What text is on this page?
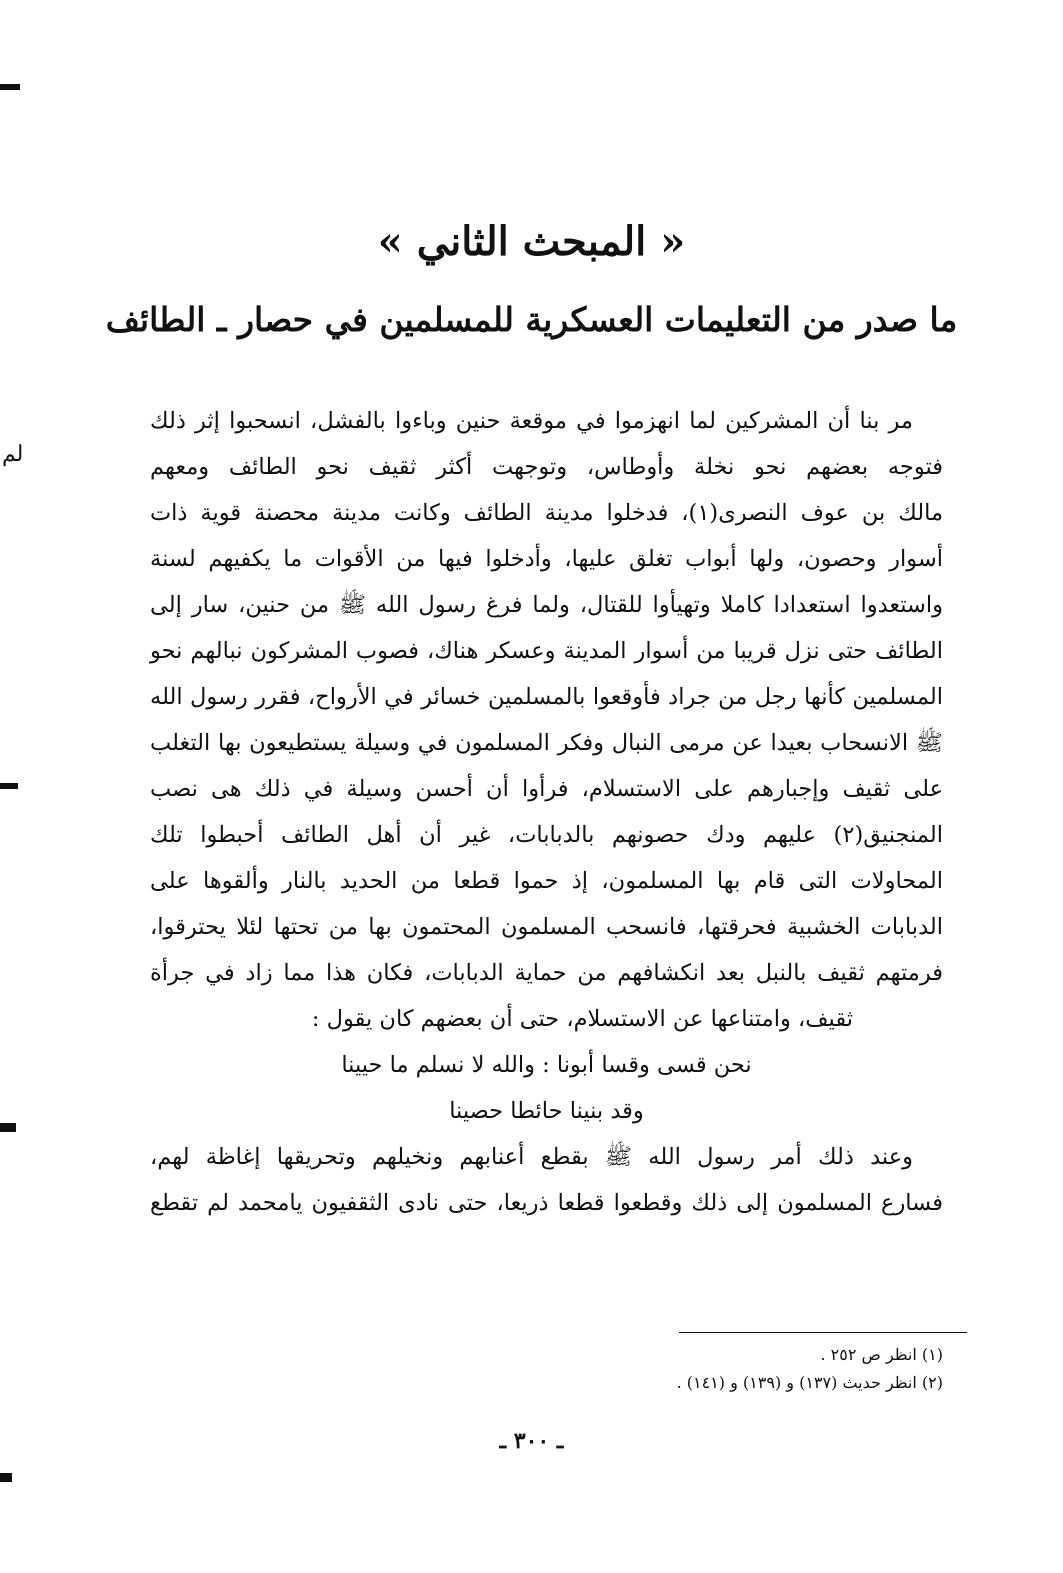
لم
« المبحث الثاني »
ما صدر من التعليمات العسكرية للمسلمين في حصار ـ الطائف
مر بنا أن المشركين لما انهزموا في موقعة حنين وباءوا بالفشل، انسحبوا إثر ذلك
فتوجه بعضهم نحو نخلة وأوطاس، وتوجهت أكثر ثقيف نحو الطائف ومعهم
مالك بن عوف النصرى(١)، فدخلوا مدينة الطائف وكانت مدينة محصنة قوية ذات
أسوار وحصون، ولها أبواب تغلق عليها، وأدخلوا فيها من الأقوات ما يكفيهم لسنة
واستعدوا استعدادا كاملا وتهيأوا للقتال، ولما فرغ رسول الله ﷺ من حنين، سار إلى
الطائف حتى نزل قريبا من أسوار المدينة وعسكر هناك، فصوب المشركون نبالهم نحو
المسلمين كأنها رجل من جراد فأوقعوا بالمسلمين خسائر في الأرواح، فقرر رسول الله
ﷺ الانسحاب بعيدا عن مرمى النبال وفكر المسلمون في وسيلة يستطيعون بها التغلب
على ثقيف وإجبارهم على الاستسلام، فرأوا أن أحسن وسيلة في ذلك هى نصب
المنجنيق(٢) عليهم ودك حصونهم بالدبابات، غير أن أهل الطائف أحبطوا تلك
المحاولات التى قام بها المسلمون، إذ حموا قطعا من الحديد بالنار وألقوها على
الدبابات الخشبية فحرقتها، فانسحب المسلمون المحتمون بها من تحتها لئلا يحترقوا،
فرمتهم ثقيف بالنبل بعد انكشافهم من حماية الدبابات، فكان هذا مما زاد في جرأة
ثقيف، وامتناعها عن الاستسلام، حتى أن بعضهم كان يقول :
نحن قسى وقسا أبونا : والله لا نسلم ما حيينا
وقد بنينا حائطا حصينا
وعند ذلك أمر رسول الله ﷺ بقطع أعنابهم ونخيلهم وتحريقها إغاظة لهم،
فسارع المسلمون إلى ذلك وقطعوا قطعا ذريعا، حتى نادى الثقفيون يامحمد لم تقطع
(١) انظر ص ٢٥٢ .
(٢) انظر حديث (١٣٧) و (١٣٩) و (١٤١) .
ـ ٣٠٠ ـ
